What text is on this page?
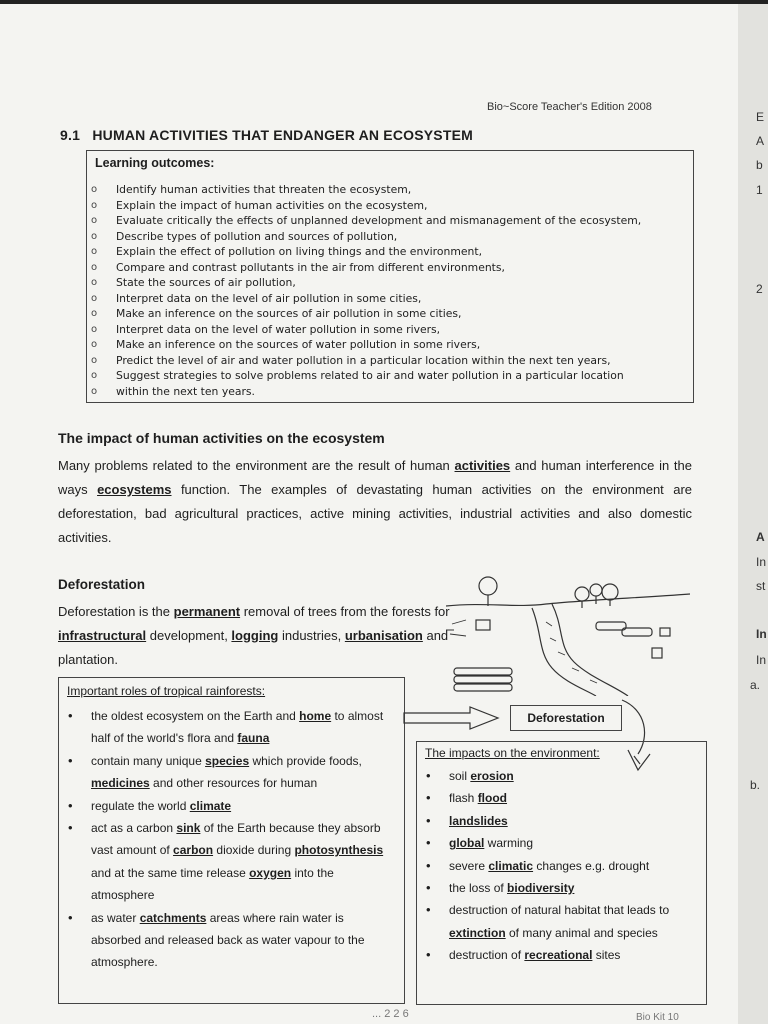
E
A
b
1
2
A
In
st
In
In
a.
b.
Bio~Score Teacher's Edition 2008
9.1 HUMAN ACTIVITIES THAT ENDANGER AN ECOSYSTEM
Learning outcomes:
o Identify human activities that threaten the ecosystem,
o Explain the impact of human activities on the ecosystem,
o Evaluate critically the effects of unplanned development and mismanagement of the ecosystem,
o Describe types of pollution and sources of pollution,
o Explain the effect of pollution on living things and the environment,
o Compare and contrast pollutants in the air from different environments,
o State the sources of air pollution,
o Interpret data on the level of air pollution in some cities,
o Make an inference on the sources of air pollution in some cities,
o Interpret data on the level of water pollution in some rivers,
o Make an inference on the sources of water pollution in some rivers,
o Predict the level of air and water pollution in a particular location within the next ten years,
o Suggest strategies to solve problems related to air and water pollution in a particular location
o within the next ten years.
The impact of human activities on the ecosystem
Many problems related to the environment are the result of human activities and human interference in the ways ecosystems function. The examples of devastating human activities on the environment are deforestation, bad agricultural practices, active mining activities, industrial activities and also domestic activities.
Deforestation
Deforestation is the permanent removal of trees from the forests for infrastructural development, logging industries, urbanisation and plantation.
Important roles of tropical rainforests:
• the oldest ecosystem on the Earth and home to almost half of the world's flora and fauna
• contain many unique species which provide foods, medicines and other resources for human
• regulate the world climate
• act as a carbon sink of the Earth because they absorb vast amount of carbon dioxide during photosynthesis and at the same time release oxygen into the atmosphere
• as water catchments areas where rain water is absorbed and released back as water vapour to the atmosphere.
Deforestation
The impacts on the environment:
• soil erosion
• flash flood
• landslides
• global warming
• severe climatic changes e.g. drought
• the loss of biodiversity
• destruction of natural habitat that leads to extinction of many animal and species
• destruction of recreational sites
... 2 2 6	Bio Kit 10
